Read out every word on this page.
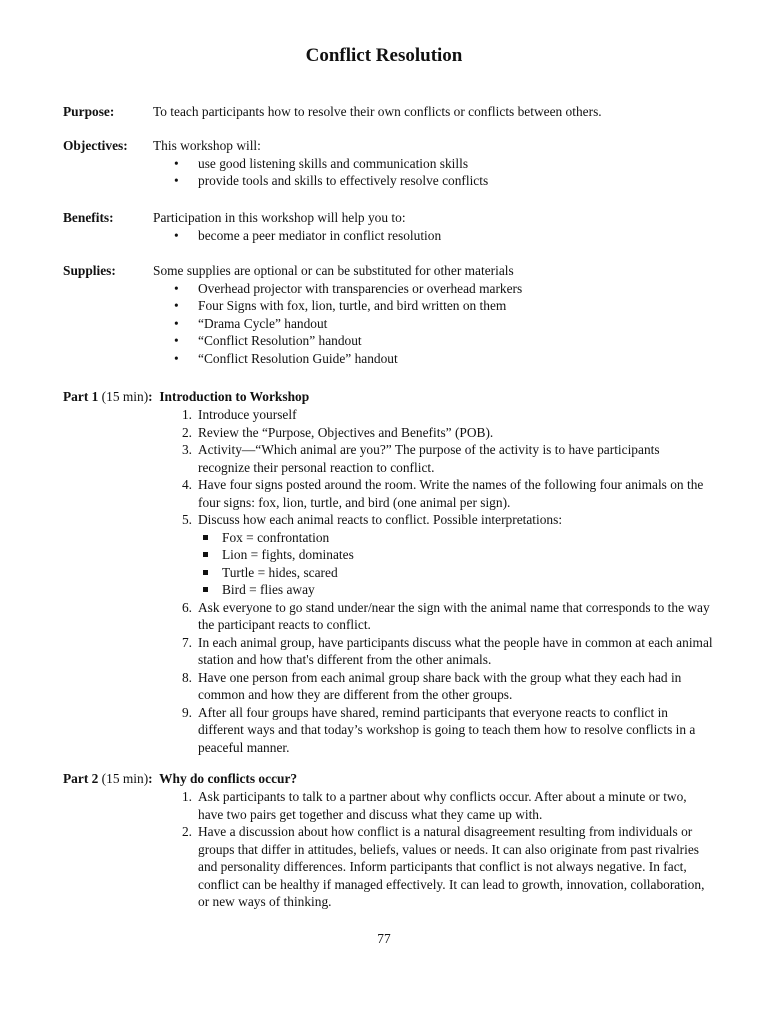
Conflict Resolution
Purpose:	To teach participants how to resolve their own conflicts or conflicts between others.
Objectives: This workshop will:
• use good listening skills and communication skills
• provide tools and skills to effectively resolve conflicts
Benefits:	Participation in this workshop will help you to:
• become a peer mediator in conflict resolution
Supplies:	Some supplies are optional or can be substituted for other materials
• Overhead projector with transparencies or overhead markers
• Four Signs with fox, lion, turtle, and bird written on them
• “Drama Cycle” handout
• “Conflict Resolution” handout
• “Conflict Resolution Guide” handout
Part 1 (15 min): Introduction to Workshop
1. Introduce yourself
2. Review the “Purpose, Objectives and Benefits” (POB).
3. Activity—“Which animal are you?” The purpose of the activity is to have participants recognize their personal reaction to conflict.
4. Have four signs posted around the room. Write the names of the following four animals on the four signs: fox, lion, turtle, and bird (one animal per sign).
5. Discuss how each animal reacts to conflict. Possible interpretations:
Fox = confrontation
Lion = fights, dominates
Turtle = hides, scared
Bird = flies away
6. Ask everyone to go stand under/near the sign with the animal name that corresponds to the way the participant reacts to conflict.
7. In each animal group, have participants discuss what the people have in common at each animal station and how that's different from the other animals.
8. Have one person from each animal group share back with the group what they each had in common and how they are different from the other groups.
9. After all four groups have shared, remind participants that everyone reacts to conflict in different ways and that today’s workshop is going to teach them how to resolve conflicts in a peaceful manner.
Part 2 (15 min): Why do conflicts occur?
1. Ask participants to talk to a partner about why conflicts occur. After about a minute or two, have two pairs get together and discuss what they came up with.
2. Have a discussion about how conflict is a natural disagreement resulting from individuals or groups that differ in attitudes, beliefs, values or needs. It can also originate from past rivalries and personality differences. Inform participants that conflict is not always negative. In fact, conflict can be healthy if managed effectively. It can lead to growth, innovation, collaboration, or new ways of thinking.
77
